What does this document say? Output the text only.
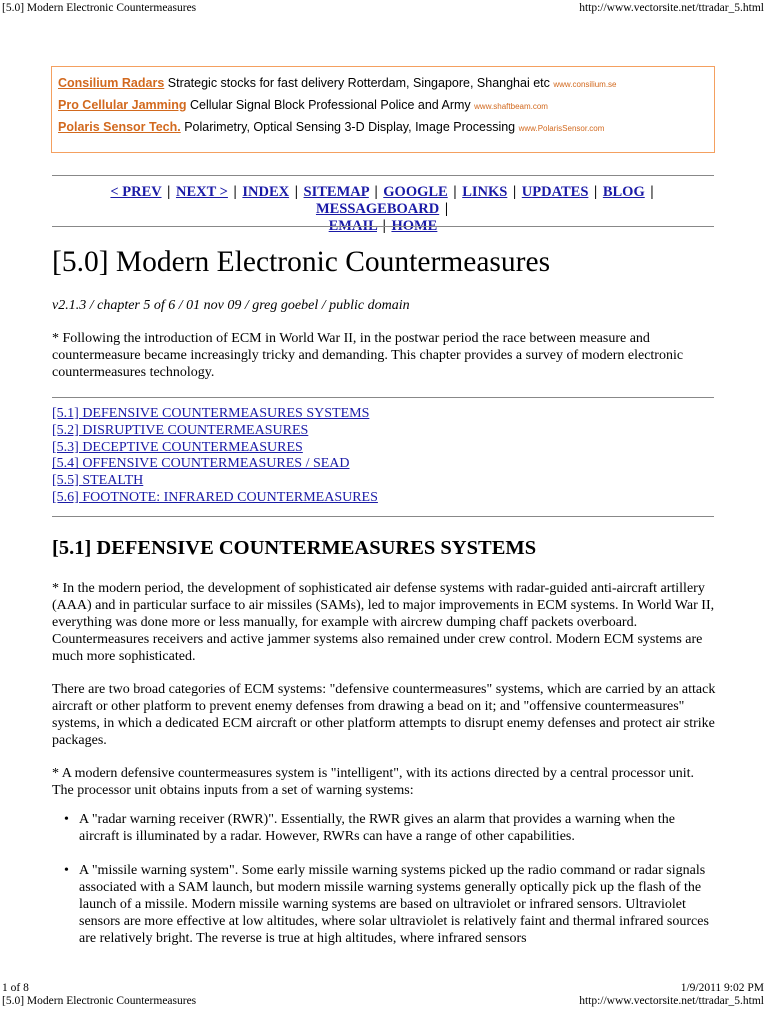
[5.0] Modern Electronic Countermeasures	http://www.vectorsite.net/ttradar_5.html
Consilium Radars Strategic stocks for fast delivery Rotterdam, Singapore, Shanghai etc www.consilium.se
Pro Cellular Jamming Cellular Signal Block Professional Police and Army www.shaftbeam.com
Polaris Sensor Tech. Polarimetry, Optical Sensing 3-D Display, Image Processing www.PolarisSensor.com
< PREV | NEXT > | INDEX | SITEMAP | GOOGLE | LINKS | UPDATES | BLOG | MESSAGEBOARD |
EMAIL | HOME
[5.0] Modern Electronic Countermeasures
v2.1.3 / chapter 5 of 6 / 01 nov 09 / greg goebel / public domain

* Following the introduction of ECM in World War II, in the postwar period the race between measure and countermeasure became increasingly tricky and demanding. This chapter provides a survey of modern electronic countermeasures technology.

[5.1] DEFENSIVE COUNTERMEASURES SYSTEMS
[5.2] DISRUPTIVE COUNTERMEASURES
[5.3] DECEPTIVE COUNTERMEASURES
[5.4] OFFENSIVE COUNTERMEASURES / SEAD
[5.5] STEALTH
[5.6] FOOTNOTE: INFRARED COUNTERMEASURES
[5.1] DEFENSIVE COUNTERMEASURES SYSTEMS

* In the modern period, the development of sophisticated air defense systems with radar-guided anti-aircraft artillery (AAA) and in particular surface to air missiles (SAMs), led to major improvements in ECM systems. In World War II, everything was done more or less manually, for example with aircrew dumping chaff packets overboard. Countermeasures receivers and active jammer systems also remained under crew control. Modern ECM systems are much more sophisticated.

There are two broad categories of ECM systems: "defensive countermeasures" systems, which are carried by an attack aircraft or other platform to prevent enemy defenses from drawing a bead on it; and "offensive countermeasures" systems, in which a dedicated ECM aircraft or other platform attempts to disrupt enemy defenses and protect air strike packages.

* A modern defensive countermeasures system is "intelligent", with its actions directed by a central processor unit. The processor unit obtains inputs from a set of warning systems:

• A "radar warning receiver (RWR)". Essentially, the RWR gives an alarm that provides a warning when the aircraft is illuminated by a radar. However, RWRs can have a range of other capabilities.
• A "missile warning system". Some early missile warning systems picked up the radio command or radar signals associated with a SAM launch, but modern missile warning systems generally optically pick up the flash of the launch of a missile. Modern missile warning systems are based on ultraviolet or infrared sensors. Ultraviolet sensors are more effective at low altitudes, where solar ultraviolet is relatively faint and thermal infrared sources are relatively bright. The reverse is true at high altitudes, where infrared sensors
1 of 8	1/9/2011 9:02 PM
[5.0] Modern Electronic Countermeasures	http://www.vectorsite.net/ttradar_5.html
